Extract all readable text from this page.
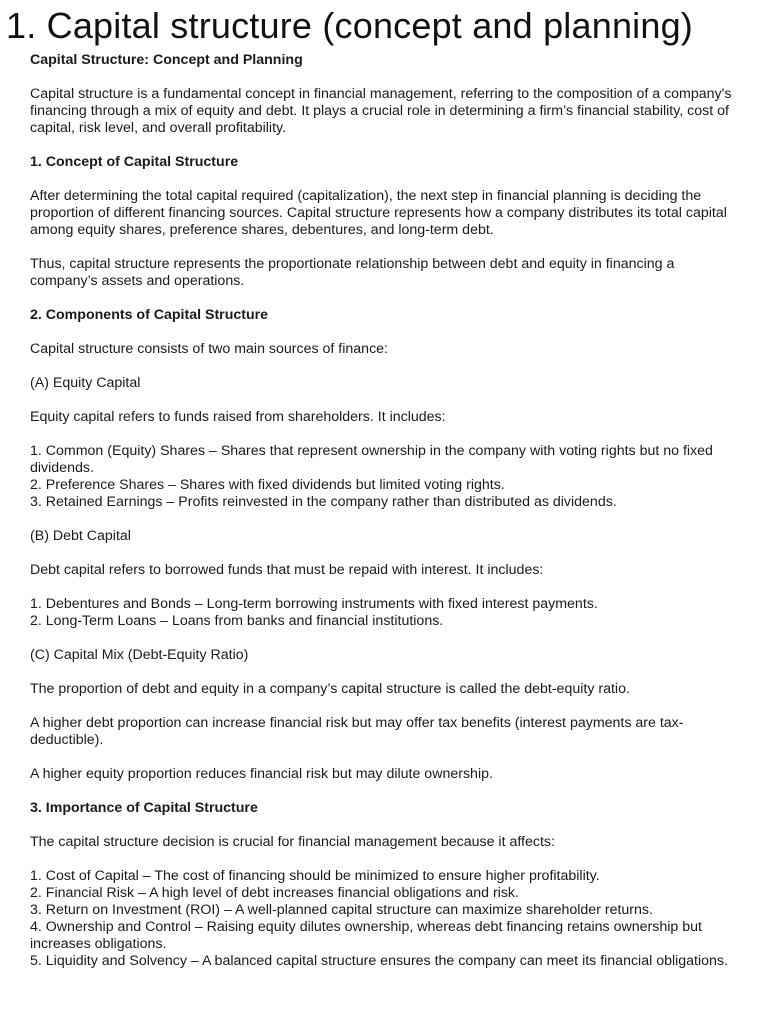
1. Capital structure (concept and planning)

Capital Structure: Concept and Planning

Capital structure is a fundamental concept in financial management, referring to the composition of a company's financing through a mix of equity and debt. It plays a crucial role in determining a firm’s financial stability, cost of capital, risk level, and overall profitability.

1. Concept of Capital Structure

After determining the total capital required (capitalization), the next step in financial planning is deciding the proportion of different financing sources. Capital structure represents how a company distributes its total capital among equity shares, preference shares, debentures, and long-term debt.

Thus, capital structure represents the proportionate relationship between debt and equity in financing a company’s assets and operations.

2. Components of Capital Structure

Capital structure consists of two main sources of finance:

(A) Equity Capital

Equity capital refers to funds raised from shareholders. It includes:

1. Common (Equity) Shares – Shares that represent ownership in the company with voting rights but no fixed dividends.
2. Preference Shares – Shares with fixed dividends but limited voting rights.
3. Retained Earnings – Profits reinvested in the company rather than distributed as dividends.

(B) Debt Capital

Debt capital refers to borrowed funds that must be repaid with interest. It includes:

1. Debentures and Bonds – Long-term borrowing instruments with fixed interest payments.
2. Long-Term Loans – Loans from banks and financial institutions.

(C) Capital Mix (Debt-Equity Ratio)

The proportion of debt and equity in a company’s capital structure is called the debt-equity ratio.

A higher debt proportion can increase financial risk but may offer tax benefits (interest payments are tax-deductible).

A higher equity proportion reduces financial risk but may dilute ownership.

3. Importance of Capital Structure

The capital structure decision is crucial for financial management because it affects:

1. Cost of Capital – The cost of financing should be minimized to ensure higher profitability.
2. Financial Risk – A high level of debt increases financial obligations and risk.
3. Return on Investment (ROI) – A well-planned capital structure can maximize shareholder returns.
4. Ownership and Control – Raising equity dilutes ownership, whereas debt financing retains ownership but increases obligations.
5. Liquidity and Solvency – A balanced capital structure ensures the company can meet its financial obligations.
